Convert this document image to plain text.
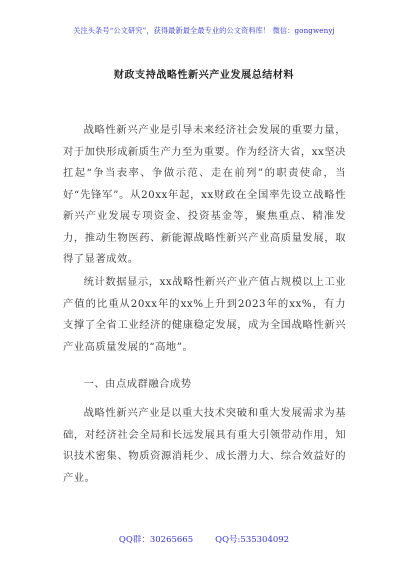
关注头条号“公文研究”，获得最新最全最专业的公文资料库！ 微信：gongwenyj
财政支持战略性新兴产业发展总结材料

战略性新兴产业是引导未来经济社会发展的重要力量，对于加快形成新质生产力至为重要。作为经济大省，xx坚决扛起“争当表率、争做示范、走在前列”的职责使命，当好“先锋军”。从20xx年起，xx财政在全国率先设立战略性新兴产业发展专项资金、投资基金等，聚焦重点、精准发力，推动生物医药、新能源战略性新兴产业高质量发展，取得了显著成效。

统计数据显示，xx战略性新兴产业产值占规模以上工业产值的比重从20xx年的xx%上升到2023年的xx%，有力支撑了全省工业经济的健康稳定发展，成为全国战略性新兴产业高质量发展的“高地”。

一、由点成群融合成势

战略性新兴产业是以重大技术突破和重大发展需求为基础，对经济社会全局和长远发展具有重大引领带动作用，知识技术密集、物质资源消耗少、成长潜力大、综合效益好的产业。

QQ群：30265665	QQ号:535304092
